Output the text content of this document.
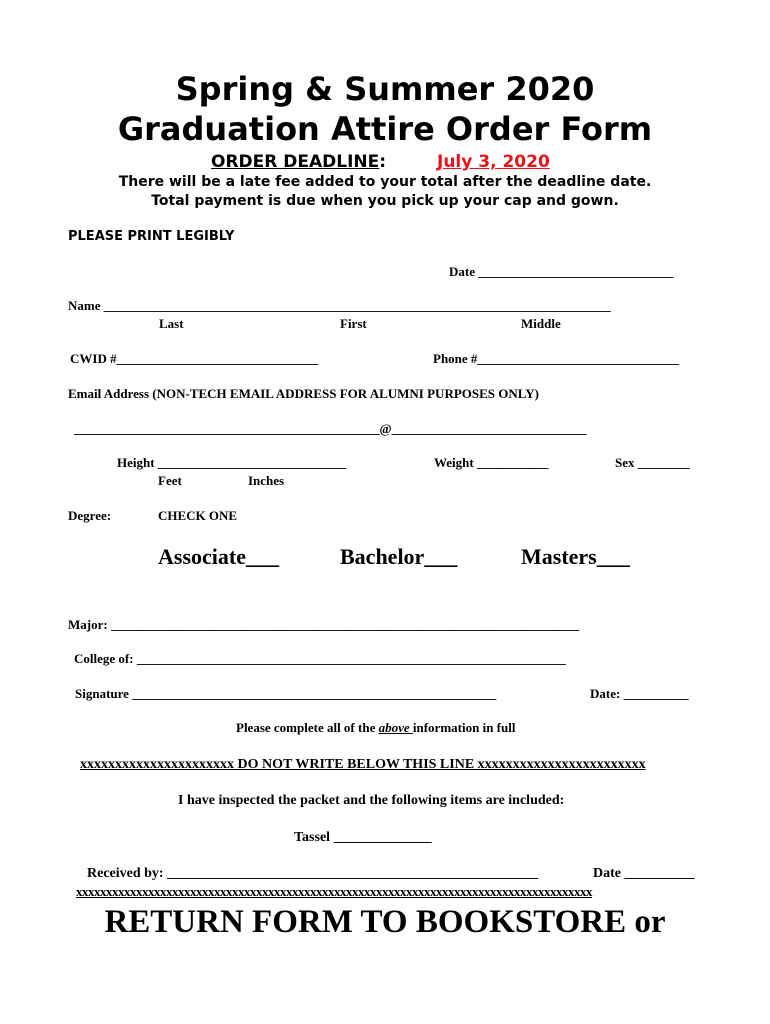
Spring & Summer 2020
Graduation Attire Order Form
ORDER DEADLINE:	July 3, 2020
There will be a late fee added to your total after the deadline date.
Total payment is due when you pick up your cap and gown.
PLEASE PRINT LEGIBLY
Date ______________________________
Name ______________________________________________________________________________
Last	First	Middle
CWID #_______________________________	Phone #_______________________________
Email Address (NON-TECH EMAIL ADDRESS FOR ALUMNI PURPOSES ONLY)
_______________________________________________@______________________________
Height _____________________________	Weight ___________	Sex ________
Feet	Inches
Degree:	CHECK ONE
Associate___	Bachelor___	Masters___
Major: ________________________________________________________________________
College of: __________________________________________________________________
Signature ________________________________________________________	Date: __________
Please complete all of the above information in full
xxxxxxxxxxxxxxxxxxxxxx DO NOT WRITE BELOW THIS LINE xxxxxxxxxxxxxxxxxxxxxxxx
I have inspected the packet and the following items are included:
Tassel ______________
Received by: _____________________________________________________	Date __________
xxxxxxxxxxxxxxxxxxxxxxxxxxxxxxxxxxxxxxxxxxxxxxxxxxxxxxxxxxxxxxxxxxxxxxxxxxxxxxxxxxxxxx
RETURN FORM TO BOOKSTORE or
